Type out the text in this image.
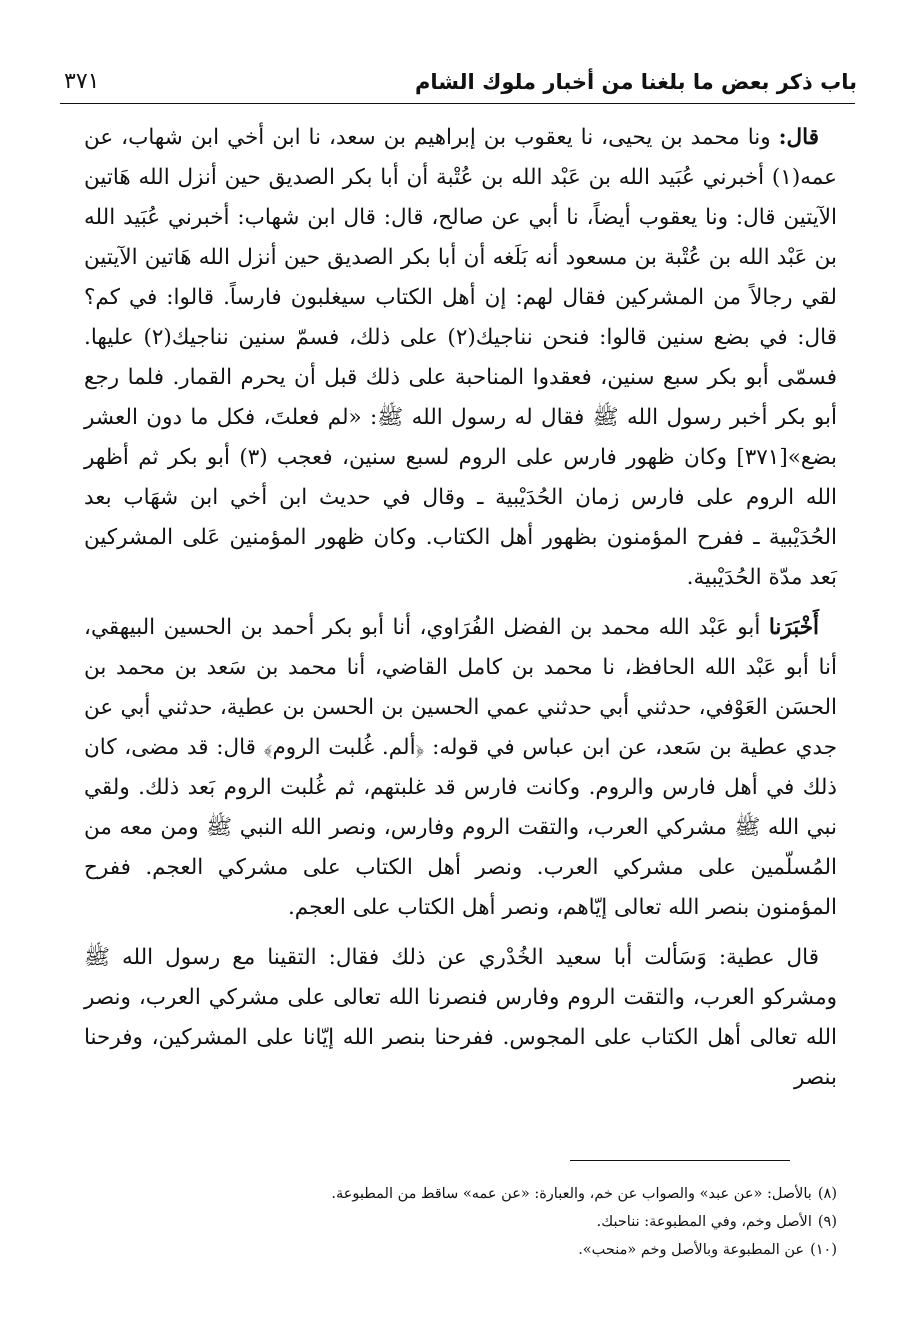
باب ذكر بعض ما بلغنا من أخبار ملوك الشام
٣٧١

قال: ونا محمد بن يحيى، نا يعقوب بن إبراهيم بن سعد، نا ابن أخي ابن شهاب، عن عمه(١) أخبرني عُبَيد الله بن عَبْد الله بن عُتْبة أن أبا بكر الصديق حين أنزل الله هَاتين الآيتين قال: ونا يعقوب أيضاً، نا أبي عن صالح، قال: قال ابن شهاب: أخبرني عُبَيد الله بن عَبْد الله بن عُتْبة بن مسعود أنه بَلَغه أن أبا بكر الصديق حين أنزل الله هَاتين الآيتين لقي رجالاً من المشركين فقال لهم: إن أهل الكتاب سيغلبون فارساً. قالوا: في كم؟ قال: في بضع سنين قالوا: فنحن نناجيك(٢) على ذلك، فسمّ سنين نناجيك(٢) عليها. فسمّى أبو بكر سبع سنين، فعقدوا المناحبة على ذلك قبل أن يحرم القمار. فلما رجع أبو بكر أخبر رسول الله ﷺ فقال له رسول الله ﷺ: «لم فعلتَ، فكل ما دون العشر بضع»[٣٧١] وكان ظهور فارس على الروم لسبع سنين، فعجب (٣) أبو بكر ثم أظهر الله الروم على فارس زمان الحُدَيْبية ـ وقال في حديث ابن أخي ابن شهَاب بعد الحُدَيْبية ـ ففرح المؤمنون بظهور أهل الكتاب. وكان ظهور المؤمنين عَلى المشركين بَعد مدّة الحُدَيْبية.

أَخْبَرَنا أبو عَبْد الله محمد بن الفضل الفُرَاوي، أنا أبو بكر أحمد بن الحسين البيهقي، أنا أبو عَبْد الله الحافظ، نا محمد بن كامل القاضي، أنا محمد بن سَعد بن محمد بن الحسَن العَوْفي، حدثني أبي حدثني عمي الحسين بن الحسن بن عطية، حدثني أبي عن جدي عطية بن سَعد، عن ابن عباس في قوله: ﴿ألم. غُلبت الروم﴾ قال: قد مضى، كان ذلك في أهل فارس والروم. وكانت فارس قد غلبتهم، ثم غُلبت الروم بَعد ذلك. ولقي نبي الله ﷺ مشركي العرب، والتقت الروم وفارس، ونصر الله النبي ﷺ ومن معه من المُسلّمين على مشركي العرب. ونصر أهل الكتاب على مشركي العجم. ففرح المؤمنون بنصر الله تعالى إيّاهم، ونصر أهل الكتاب على العجم.

قال عطية: وَسَألت أبا سعيد الخُدْري عن ذلك فقال: التقينا مع رسول الله ﷺ ومشركو العرب، والتقت الروم وفارس فنصرنا الله تعالى على مشركي العرب، ونصر الله تعالى أهل الكتاب على المجوس. ففرحنا بنصر الله إيّانا على المشركين، وفرحنا بنصر

(٨)بالأصل: «عن عبد» والصواب عن خم، والعبارة: «عن عمه» ساقط من المطبوعة.

(٩)الأصل وخم، وفي المطبوعة: نناحبك.

(١٠)عن المطبوعة وبالأصل وخم «منحب».
